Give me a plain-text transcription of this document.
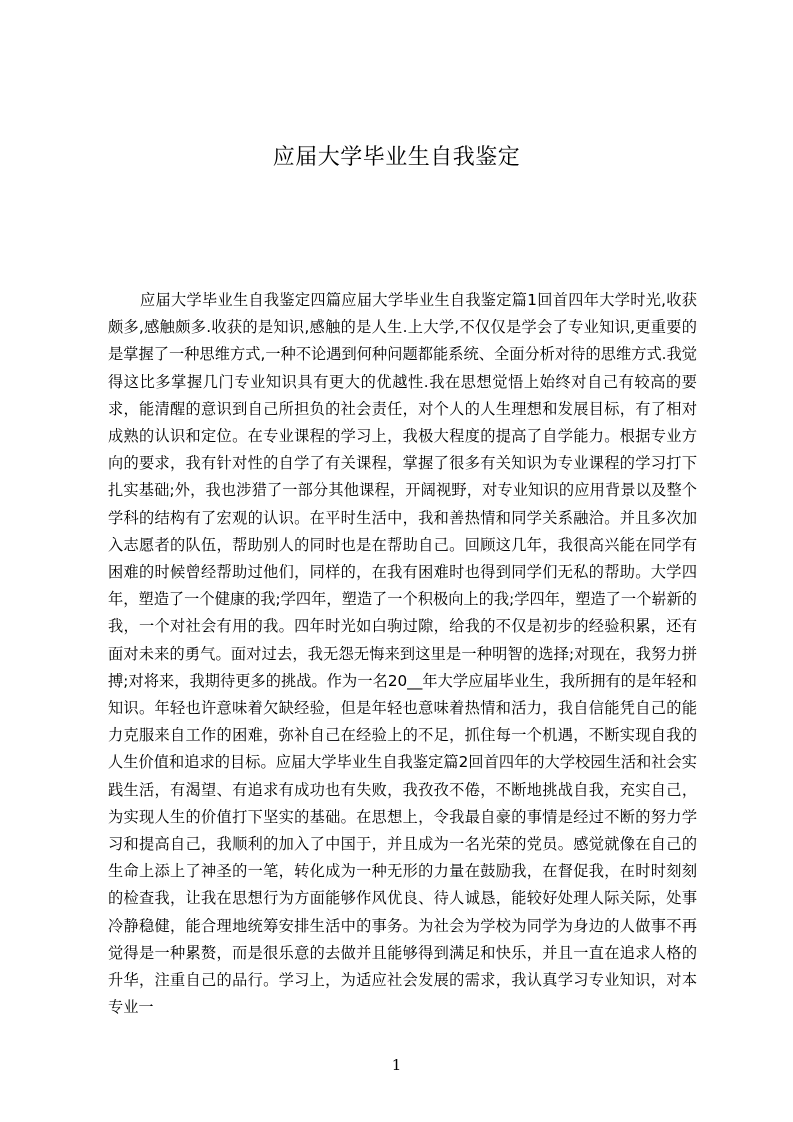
应届大学毕业生自我鉴定

应届大学毕业生自我鉴定四篇应届大学毕业生自我鉴定篇1回首四年大学时光,收获颇多,感触颇多.收获的是知识,感触的是人生.上大学,不仅仅是学会了专业知识,更重要的是掌握了一种思维方式,一种不论遇到何种问题都能系统、全面分析对待的思维方式.我觉得这比多掌握几门专业知识具有更大的优越性.我在思想觉悟上始终对自己有较高的要求，能清醒的意识到自己所担负的社会责任，对个人的人生理想和发展目标，有了相对成熟的认识和定位。在专业课程的学习上，我极大程度的提高了自学能力。根据专业方向的要求，我有针对性的自学了有关课程，掌握了很多有关知识为专业课程的学习打下扎实基础;外，我也涉猎了一部分其他课程，开阔视野，对专业知识的应用背景以及整个学科的结构有了宏观的认识。在平时生活中，我和善热情和同学关系融洽。并且多次加入志愿者的队伍，帮助别人的同时也是在帮助自己。回顾这几年，我很高兴能在同学有困难的时候曾经帮助过他们，同样的，在我有困难时也得到同学们无私的帮助。大学四年，塑造了一个健康的我;学四年，塑造了一个积极向上的我;学四年，塑造了一个崭新的我，一个对社会有用的我。四年时光如白驹过隙，给我的不仅是初步的经验积累，还有面对未来的勇气。面对过去，我无怨无悔来到这里是一种明智的选择;对现在，我努力拼搏;对将来，我期待更多的挑战。作为一名20__年大学应届毕业生，我所拥有的是年轻和知识。年轻也许意味着欠缺经验，但是年轻也意味着热情和活力，我自信能凭自己的能力克服来自工作的困难，弥补自己在经验上的不足，抓住每一个机遇，不断实现自我的人生价值和追求的目标。应届大学毕业生自我鉴定篇2回首四年的大学校园生活和社会实践生活，有渴望、有追求有成功也有失败，我孜孜不倦，不断地挑战自我，充实自己，为实现人生的价值打下坚实的基础。在思想上，令我最自豪的事情是经过不断的努力学习和提高自己，我顺利的加入了中国于，并且成为一名光荣的党员。感觉就像在自己的生命上添上了神圣的一笔，转化成为一种无形的力量在鼓励我，在督促我，在时时刻刻的检查我，让我在思想行为方面能够作风优良、待人诚恳，能较好处理人际关际，处事冷静稳健，能合理地统筹安排生活中的事务。为社会为学校为同学为身边的人做事不再觉得是一种累赘，而是很乐意的去做并且能够得到满足和快乐，并且一直在追求人格的升华，注重自己的品行。学习上，为适应社会发展的需求，我认真学习专业知识，对本专业一

1
